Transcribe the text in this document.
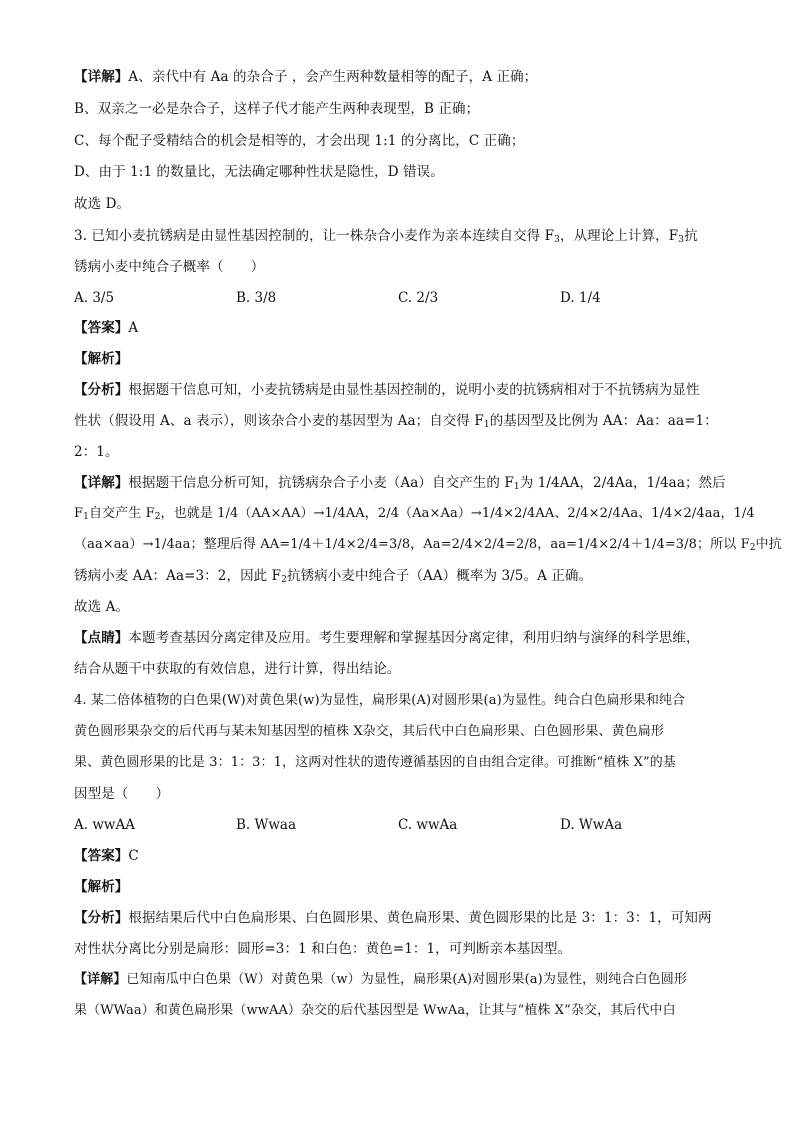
【详解】A、亲代中有 Aa 的杂合子 ，会产生两种数量相等的配子，A 正确；
B、双亲之一必是杂合子，这样子代才能产生两种表现型，B 正确；
C、每个配子受精结合的机会是相等的，才会出现 1:1 的分离比，C 正确；
D、由于 1:1 的数量比，无法确定哪种性状是隐性，D 错误。
故选 D。
3. 已知小麦抗锈病是由显性基因控制的，让一株杂合小麦作为亲本连续自交得 $F_3$，从理论上计算，$F_3$抗
锈病小麦中纯合子概率（　　）
A. 3/5	B. 3/8	C. 2/3	D. 1/4
【答案】A
【解析】
【分析】根据题干信息可知，小麦抗锈病是由显性基因控制的，说明小麦的抗锈病相对于不抗锈病为显性
性状（假设用 A、a 表示），则该杂合小麦的基因型为 Aa；自交得 $F_1$的基因型及比例为 AA：Aa：aa=1：
2：1。
【详解】根据题干信息分析可知，抗锈病杂合子小麦（Aa）自交产生的 $F_1$为 1/4AA，2/4Aa，1/4aa；然后
$F_1$自交产生 $F_2$，也就是 1/4（AA×AA）→1/4AA，2/4（Aa×Aa）→1/4×2/4AA、2/4×2/4Aa、1/4×2/4aa，1/4
（aa×aa）→1/4aa；整理后得 AA=1/4＋1/4×2/4=3/8，Aa=2/4×2/4=2/8，aa=1/4×2/4＋1/4=3/8；所以 $F_2$中抗
锈病小麦 AA：Aa=3：2，因此 $F_2$抗锈病小麦中纯合子（AA）概率为 3/5。A 正确。
故选 A。
【点睛】本题考查基因分离定律及应用。考生要理解和掌握基因分离定律，利用归纳与演绎的科学思维，
结合从题干中获取的有效信息，进行计算，得出结论。
4. 某二倍体植物的白色果(W)对黄色果(w)为显性，扁形果(A)对圆形果(a)为显性。纯合白色扁形果和纯合
黄色圆形果杂交的后代再与某未知基因型的植株 X杂交，其后代中白色扁形果、白色圆形果、黄色扁形
果、黄色圆形果的比是 3：1：3：1，这两对性状的遗传遵循基因的自由组合定律。可推断“植株 X”的基
因型是（　　）
A. wwAA	B. Wwaa	C. wwAa	D. WwAa
【答案】C
【解析】
【分析】根据结果后代中白色扁形果、白色圆形果、黄色扁形果、黄色圆形果的比是 3：1：3：1，可知两
对性状分离比分别是扁形：圆形=3：1 和白色：黄色=1：1，可判断亲本基因型。
【详解】已知南瓜中白色果（W）对黄色果（w）为显性，扁形果(A)对圆形果(a)为显性，则纯合白色圆形
果（WWaa）和黄色扁形果（wwAA）杂交的后代基因型是 WwAa，让其与“植株 X”杂交，其后代中白
